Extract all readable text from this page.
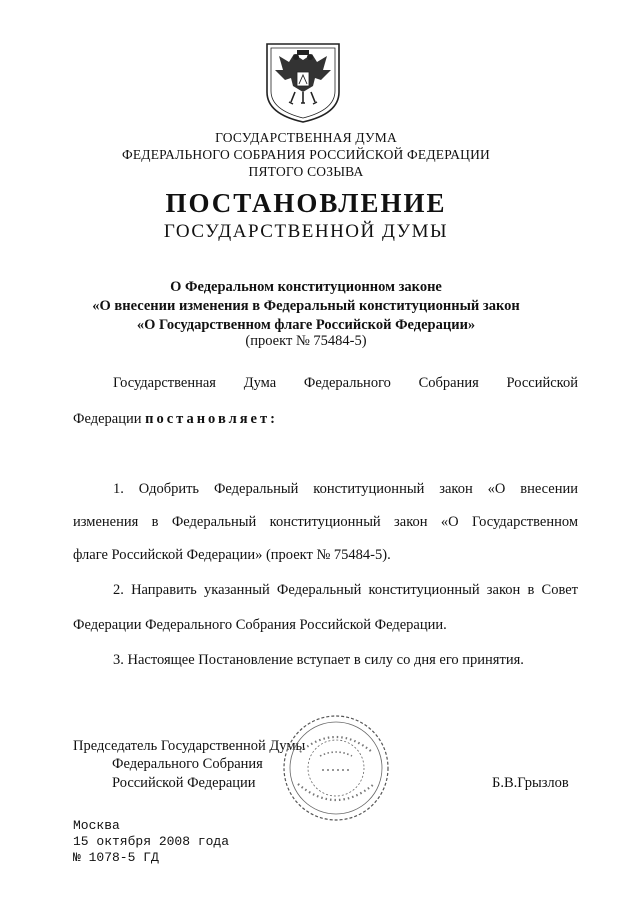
ГОСУДАРСТВЕННАЯ ДУМА
ФЕДЕРАЛЬНОГО СОБРАНИЯ РОССИЙСКОЙ ФЕДЕРАЦИИ
ПЯТОГО СОЗЫВА
ПОСТАНОВЛЕНИЕ
ГОСУДАРСТВЕННОЙ ДУМЫ
О Федеральном конституционном законе
«О внесении изменения в Федеральный конституционный закон
«О Государственном флаге Российской Федерации»
(проект № 75484-5)
Государственная Дума Федерального Собрания Российской
Федерации постановляет:
1. Одобрить Федеральный конституционный закон «О внесении
изменения в Федеральный конституционный закон «О Государственном
флаге Российской Федерации» (проект № 75484-5).
2. Направить указанный Федеральный конституционный закон в Совет
Федерации Федерального Собрания Российской Федерации.
3. Настоящее Постановление вступает в силу со дня его принятия.
Председатель Государственной Думы
Федерального Собрания
Российской Федерации	Б.В.Грызлов
Москва
15 октября 2008 года
№ 1078-5 ГД
